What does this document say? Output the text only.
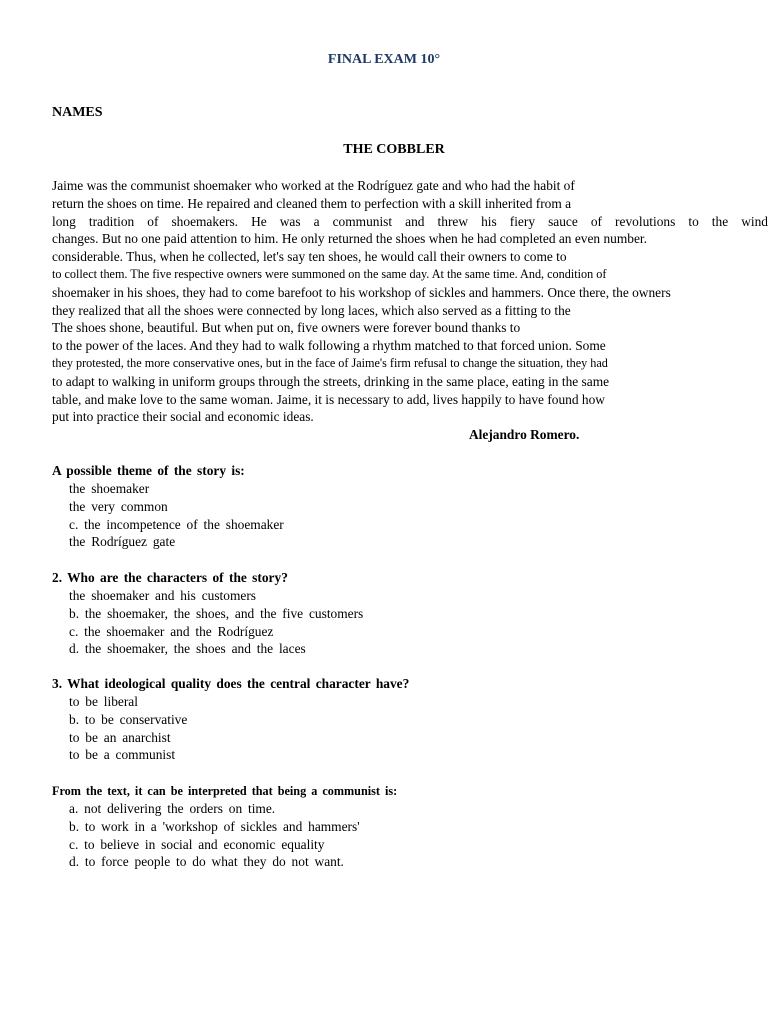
FINAL EXAM 10°
NAMES
THE COBBLER
Jaime was the communist shoemaker who worked at the Rodríguez gate and who had the habit of
return the shoes on time. He repaired and cleaned them to perfection with a skill inherited from a
long tradition of shoemakers. He was a communist and threw his fiery sauce of revolutions to the wind
changes. But no one paid attention to him. He only returned the shoes when he had completed an even number.
considerable. Thus, when he collected, let's say ten shoes, he would call their owners to come to
to collect them. The five respective owners were summoned on the same day. At the same time. And, condition of
shoemaker in his shoes, they had to come barefoot to his workshop of sickles and hammers. Once there, the owners
they realized that all the shoes were connected by long laces, which also served as a fitting to the
The shoes shone, beautiful. But when put on, five owners were forever bound thanks to
to the power of the laces. And they had to walk following a rhythm matched to that forced union. Some
they protested, the more conservative ones, but in the face of Jaime's firm refusal to change the situation, they had
to adapt to walking in uniform groups through the streets, drinking in the same place, eating in the same
table, and make love to the same woman. Jaime, it is necessary to add, lives happily to have found how
put into practice their social and economic ideas.
Alejandro Romero.
A possible theme of the story is:
the shoemaker
the very common
c. the incompetence of the shoemaker
the Rodríguez gate
2. Who are the characters of the story?
the shoemaker and his customers
b. the shoemaker, the shoes, and the five customers
c. the shoemaker and the Rodríguez
d. the shoemaker, the shoes and the laces
3. What ideological quality does the central character have?
to be liberal
b. to be conservative
to be an anarchist
to be a communist
From the text, it can be interpreted that being a communist is:
a. not delivering the orders on time.
b. to work in a 'workshop of sickles and hammers'
c. to believe in social and economic equality
d. to force people to do what they do not want.
